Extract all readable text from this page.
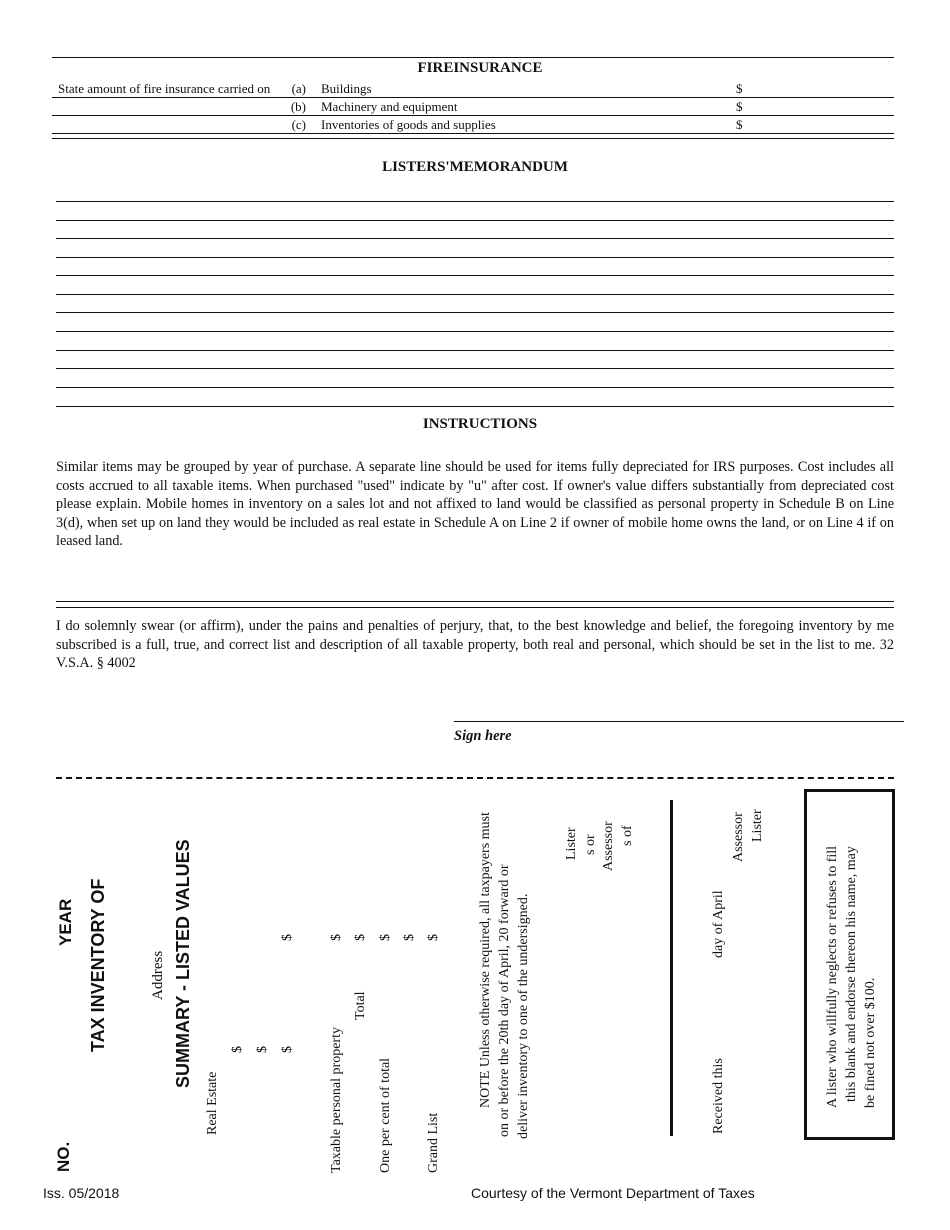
FIREINSURANCE
State amount of fire insurance carried on	(a) Buildings	$
(b) Machinery and equipment	$
(c) Inventories of goods and supplies	$
LISTERS'MEMORANDUM
INSTRUCTIONS
Similar items may be grouped by year of purchase. A separate line should be used for items fully depreciated for IRS purposes. Cost includes all costs accrued to all taxable items. When purchased "used" indicate by "u" after cost. If owner's value differs substantially from depreciated cost please explain. Mobile homes in inventory on a sales lot and not affixed to land would be classified as personal property in Schedule B on Line 3(d), when set up on land they would be included as real estate in Schedule A on Line 2 if owner of mobile home owns the land, or on Line 4 if on leased land.
I do solemnly swear (or affirm), under the pains and penalties of perjury, that, to the best knowledge and belief, the foregoing inventory by me subscribed is a full, true, and correct list and description of all taxable property, both real and personal, which should be set in the list to me. 32 V.S.A. § 4002
Sign here
NO.
YEAR TAX INVENTORY OF	Address SUMMARY - LISTED VALUES
Real Estate
$ $ $
$
Taxable personal property
$
Total
$
One per cent of total
$ $
Grand List
$	NOTE Unless otherwise required, all taxpayers must on or before the 20th day of April, 20 forward or deliver inventory to one of the undersigned.
Lister s or Assessor s of
Received this
day of April
Assessor Lister
A lister who willfully neglects or refuses to fill this blank and endorse thereon his name, may be fined not over $100.
Iss. 05/2018	Courtesy of the Vermont Department of Taxes
